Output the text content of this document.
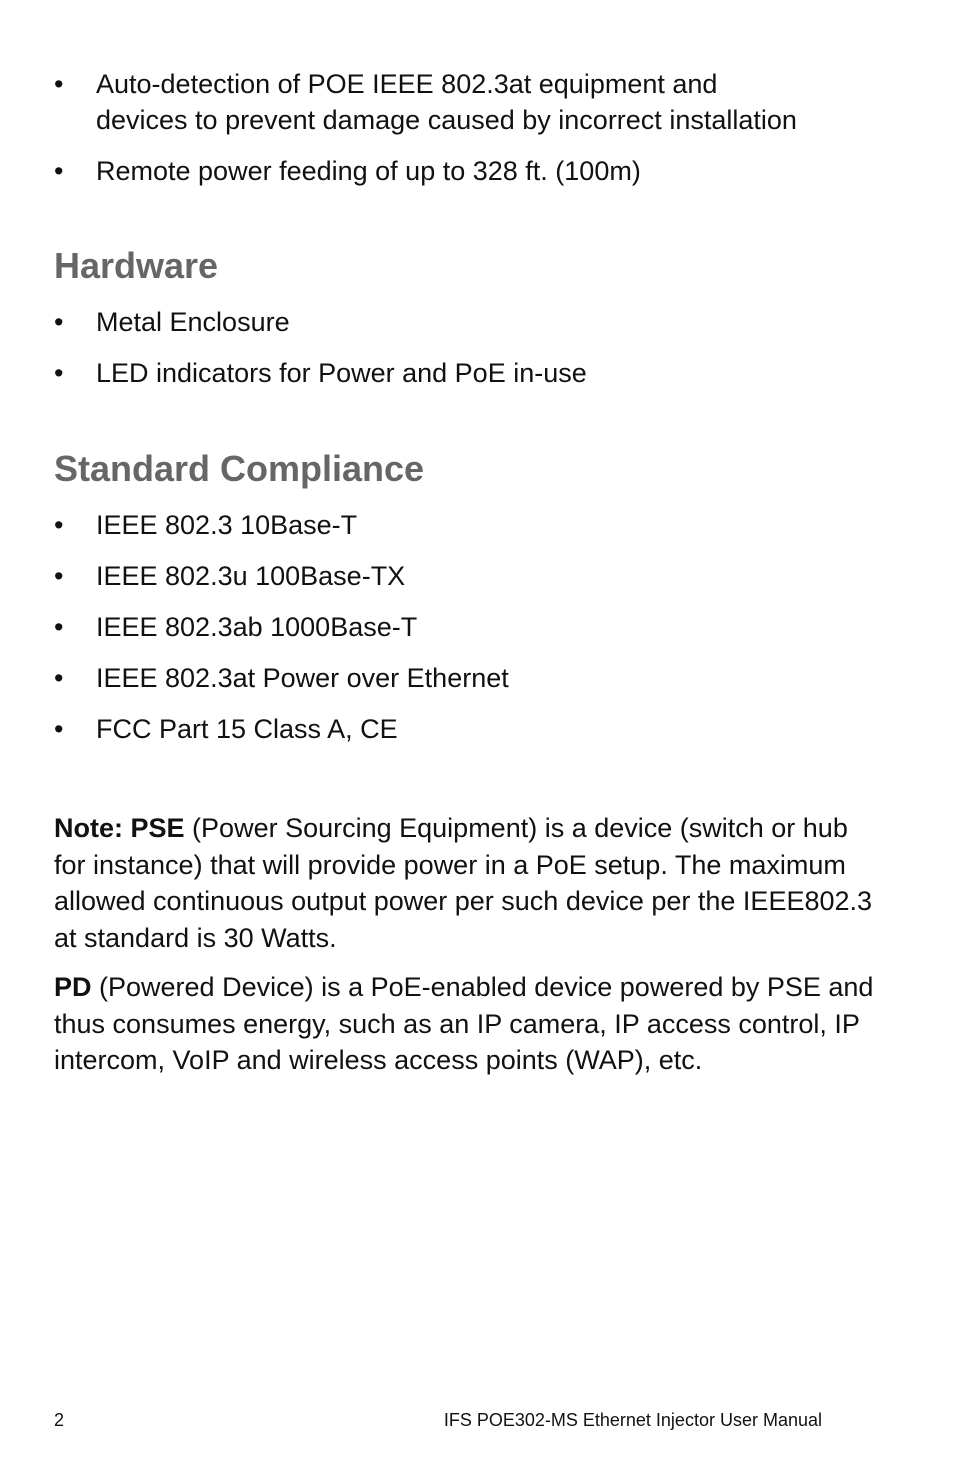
• Auto-detection of POE IEEE 802.3at equipment and
devices to prevent damage caused by incorrect installation
• Remote power feeding of up to 328 ft. (100m)
Hardware
• Metal Enclosure
• LED indicators for Power and PoE in-use
Standard Compliance
• IEEE 802.3 10Base-T
• IEEE 802.3u 100Base-TX
• IEEE 802.3ab 1000Base-T
• IEEE 802.3at Power over Ethernet
• FCC Part 15 Class A, CE

Note: PSE (Power Sourcing Equipment) is a device (switch or hub for instance) that will provide power in a PoE setup. The maximum allowed continuous output power per such device per the IEEE802.3 at standard is 30 Watts.

PD (Powered Device) is a PoE-enabled device powered by PSE and thus consumes energy, such as an IP camera, IP access control, IP intercom, VoIP and wireless access points (WAP), etc.

2	IFS POE302-MS Ethernet Injector User Manual
